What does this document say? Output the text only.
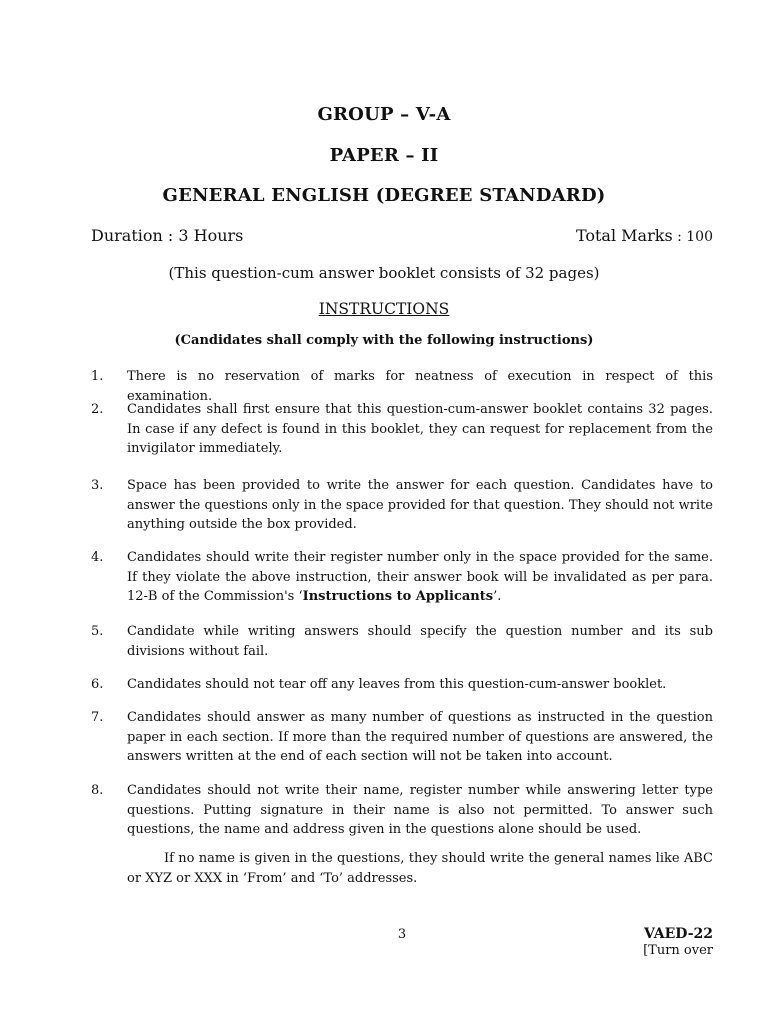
GROUP – V-A
PAPER – II
GENERAL ENGLISH (DEGREE STANDARD)
Duration : 3 Hours	Total Marks : 100
(This question-cum answer booklet consists of 32 pages)
INSTRUCTIONS
(Candidates shall comply with the following instructions)
1. There is no reservation of marks for neatness of execution in respect of this examination.
2. Candidates shall first ensure that this question-cum-answer booklet contains 32 pages. In case if any defect is found in this booklet, they can request for replacement from the invigilator immediately.
3. Space has been provided to write the answer for each question. Candidates have to answer the questions only in the space provided for that question. They should not write anything outside the box provided.
4. Candidates should write their register number only in the space provided for the same. If they violate the above instruction, their answer book will be invalidated as per para. 12-B of the Commission's ‘Instructions to Applicants’.
5. Candidate while writing answers should specify the question number and its sub divisions without fail.
6. Candidates should not tear off any leaves from this question-cum-answer booklet.
7. Candidates should answer as many number of questions as instructed in the question paper in each section. If more than the required number of questions are answered, the answers written at the end of each section will not be taken into account.
8. Candidates should not write their name, register number while answering letter type questions. Putting signature in their name is also not permitted. To answer such questions, the name and address given in the questions alone should be used.
If no name is given in the questions, they should write the general names like ABC or XYZ or XXX in ‘From’ and ‘To’ addresses.
3	VAED-22
[Turn over
